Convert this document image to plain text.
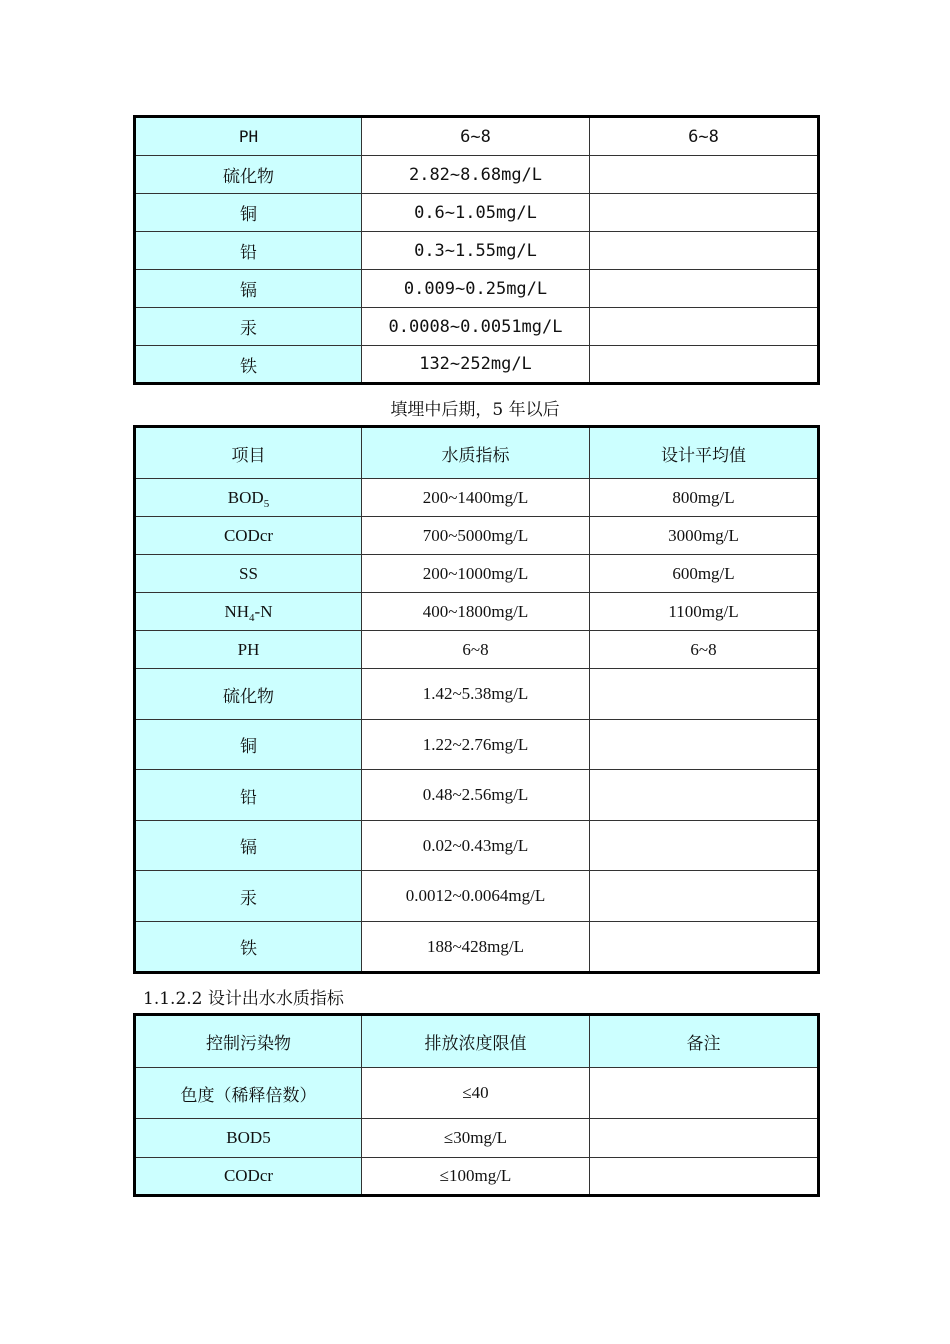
PH	6~8	6~8
硫化物	2.82~8.68mg/L	
铜	0.6~1.05mg/L	
铅	0.3~1.55mg/L	
镉	0.009~0.25mg/L	
汞	0.0008~0.0051mg/L	
铁	132~252mg/L	
填埋中后期，5 年以后
项目	水质指标	设计平均值
$BOD_5$	200~1400mg/L	800mg/L
CODcr	700~5000mg/L	3000mg/L
SS	200~1000mg/L	600mg/L
$NH_4-N$	400~1800mg/L	1100mg/L
PH	6~8	6~8
硫化物	1.42~5.38mg/L	
铜	1.22~2.76mg/L	
铅	0.48~2.56mg/L	
镉	0.02~0.43mg/L	
汞	0.0012~0.0064mg/L	
铁	188~428mg/L	
1.1.2.2 设计出水水质指标
控制污染物	排放浓度限值	备注
色度（稀释倍数）	≤40	
BOD5	≤30mg/L	
CODcr	≤100mg/L	
